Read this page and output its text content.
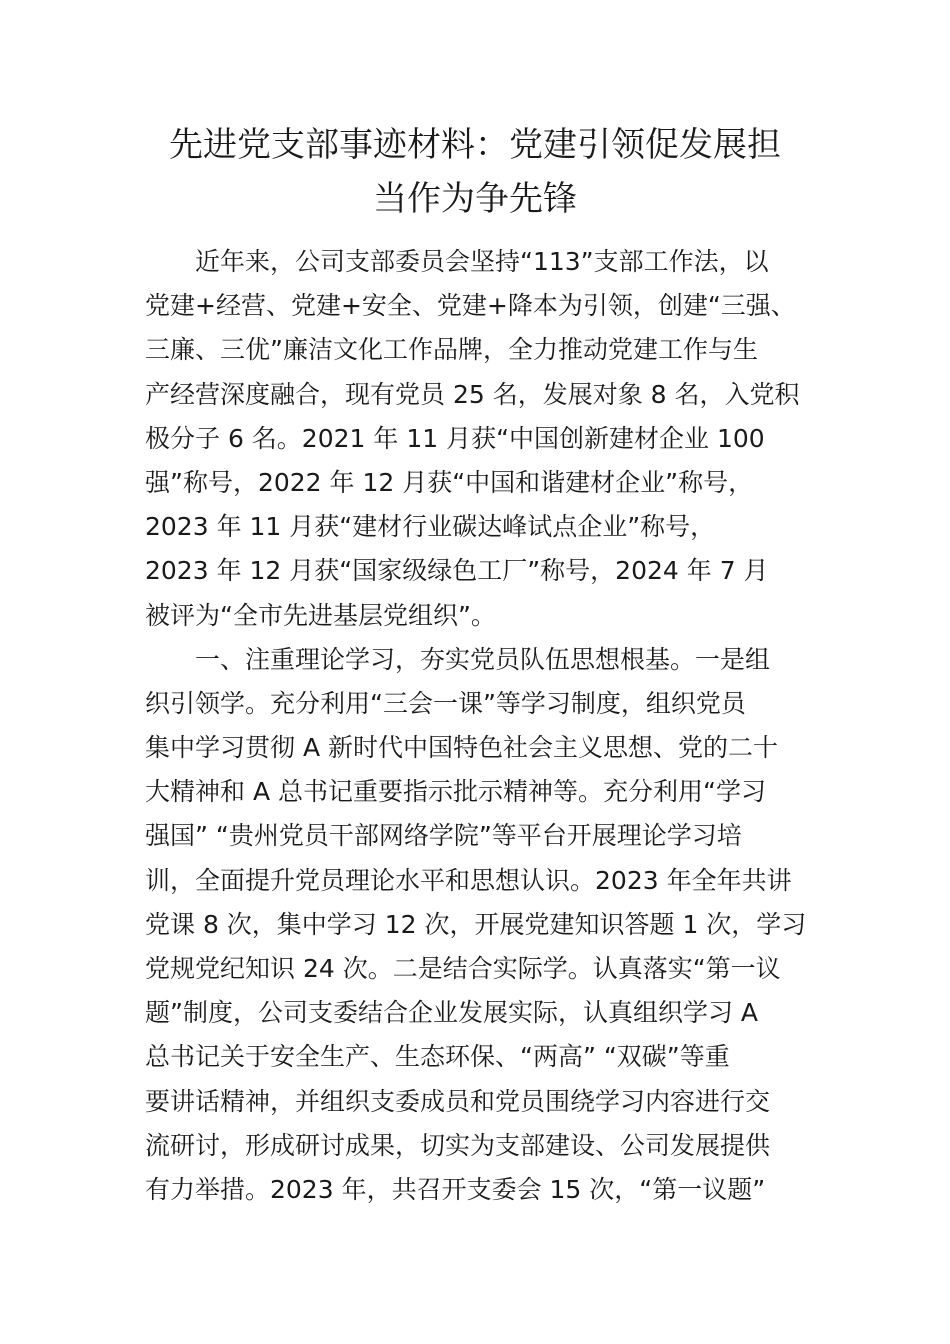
先进党支部事迹材料：党建引领促发展担
当作为争先锋
近年来，公司支部委员会坚持“113”支部工作法，以
党建+经营、党建+安全、党建+降本为引领，创建“三强、
三廉、三优”廉洁文化工作品牌，全力推动党建工作与生
产经营深度融合，现有党员 25 名，发展对象 8 名，入党积
极分子 6 名。2021 年 11 月获“中国创新建材企业 100
强”称号，2022 年 12 月获“中国和谐建材企业”称号，
2023 年 11 月获“建材行业碳达峰试点企业”称号，
2023 年 12 月获“国家级绿色工厂”称号，2024 年 7 月
被评为“全市先进基层党组织”。
一、注重理论学习，夯实党员队伍思想根基。一是组
织引领学。充分利用“三会一课”等学习制度，组织党员
集中学习贯彻 A 新时代中国特色社会主义思想、党的二十
大精神和 A 总书记重要指示批示精神等。充分利用“学习
强国” “贵州党员干部网络学院”等平台开展理论学习培
训，全面提升党员理论水平和思想认识。2023 年全年共讲
党课 8 次，集中学习 12 次，开展党建知识答题 1 次，学习
党规党纪知识 24 次。二是结合实际学。认真落实“第一议
题”制度，公司支委结合企业发展实际，认真组织学习 A
总书记关于安全生产、生态环保、“两高” “双碳”等重
要讲话精神，并组织支委成员和党员围绕学习内容进行交
流研讨，形成研讨成果，切实为支部建设、公司发展提供
有力举措。2023 年，共召开支委会 15 次，“第一议题”
